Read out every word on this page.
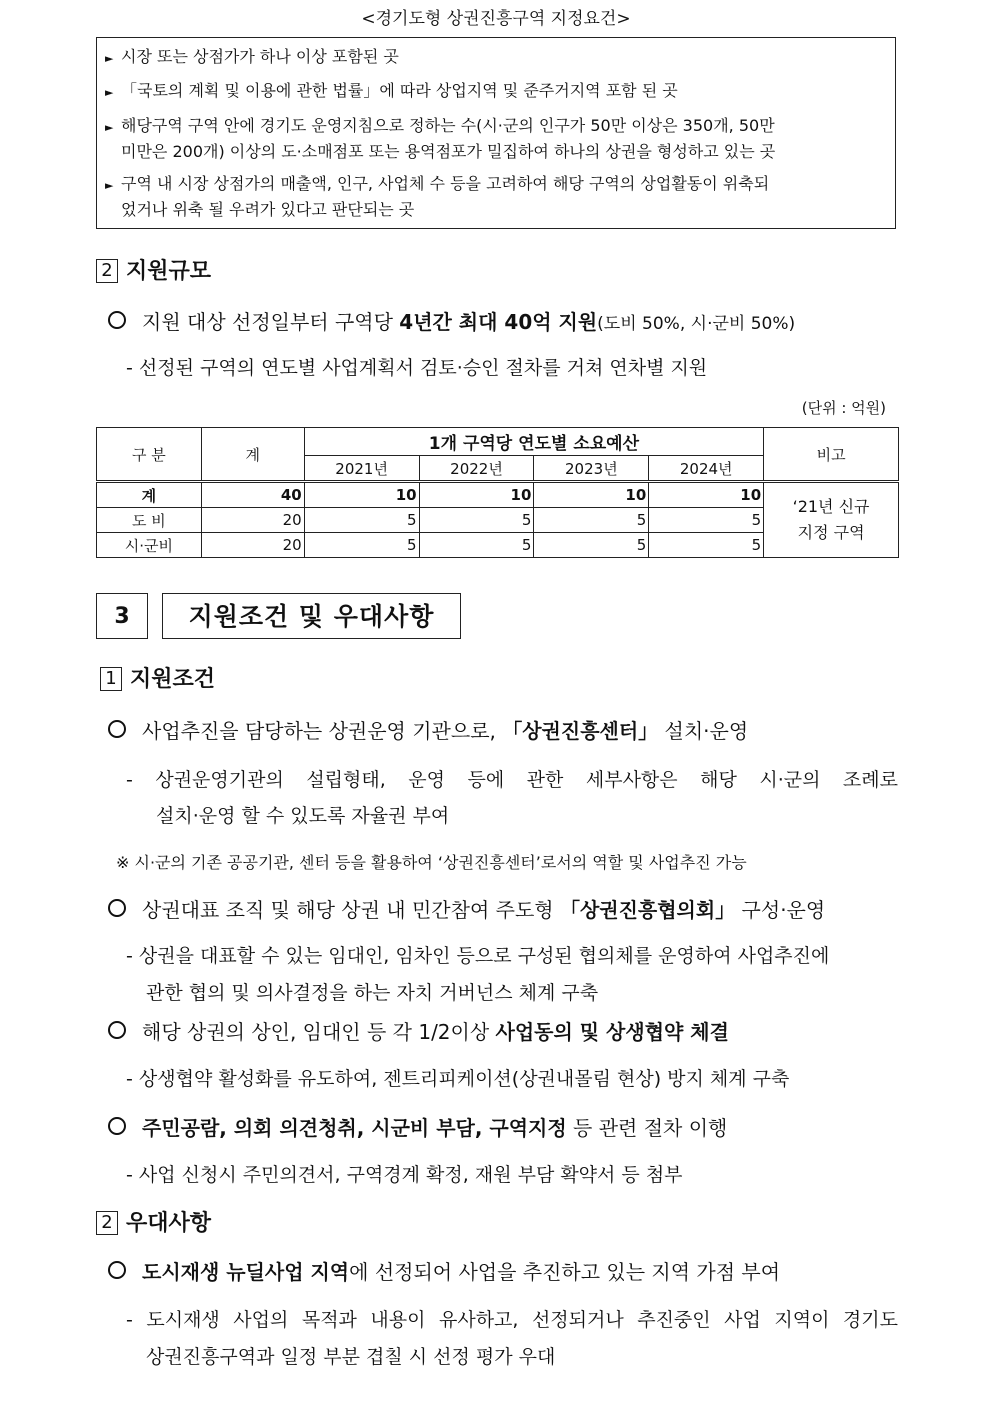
<경기도형 상권진흥구역 지정요건>
► 시장 또는 상점가가 하나 이상 포함된 곳
► 「국토의 계획 및 이용에 관한 법률」에 따라 상업지역 및 준주거지역 포함 된 곳
► 해당구역 구역 안에 경기도 운영지침으로 정하는 수(시·군의 인구가 50만 이상은 350개, 50만
미만은 200개) 이상의 도·소매점포 또는 용역점포가 밀집하여 하나의 상권을 형성하고 있는 곳
► 구역 내 시장 상점가의 매출액, 인구, 사업체 수 등을 고려하여 해당 구역의 상업활동이 위축되
었거나 위축 될 우려가 있다고 판단되는 곳
2 지원규모
지원 대상 선정일부터 구역당 4년간 최대 40억 지원(도비 50%, 시·군비 50%)
- 선정된 구역의 연도별 사업계획서 검토·승인 절차를 거쳐 연차별 지원
(단위 : 억원)
구 분	계	1개 구역당 연도별 소요예산				비고
		2021년	2022년	2023년	2024년	
계	40	10	10	10	10	‘21년 신규
지정 구역
도 비	20	5	5	5	5	
시·군비	20	5	5	5	5	
3	지원조건 및 우대사항
1 지원조건
사업추진을 담당하는 상권운영 기관으로, 「상권진흥센터」 설치·운영
- 상권운영기관의 설립형태, 운영 등에 관한 세부사항은 해당 시·군의 조례로
설치·운영 할 수 있도록 자율권 부여
※ 시·군의 기존 공공기관, 센터 등을 활용하여 ‘상권진흥센터’로서의 역할 및 사업추진 가능
상권대표 조직 및 해당 상권 내 민간참여 주도형 「상권진흥협의회」 구성·운영
- 상권을 대표할 수 있는 임대인, 임차인 등으로 구성된 협의체를 운영하여 사업추진에
관한 협의 및 의사결정을 하는 자치 거버넌스 체계 구축
해당 상권의 상인, 임대인 등 각 1/2이상 사업동의 및 상생협약 체결
- 상생협약 활성화를 유도하여, 젠트리피케이션(상권내몰림 현상) 방지 체계 구축
주민공람, 의회 의견청취, 시군비 부담, 구역지정 등 관련 절차 이행
- 사업 신청시 주민의견서, 구역경계 확정, 재원 부담 확약서 등 첨부
2 우대사항
도시재생 뉴딜사업 지역에 선정되어 사업을 추진하고 있는 지역 가점 부여
- 도시재생 사업의 목적과 내용이 유사하고, 선정되거나 추진중인 사업 지역이 경기도
상권진흥구역과 일정 부분 겹칠 시 선정 평가 우대
